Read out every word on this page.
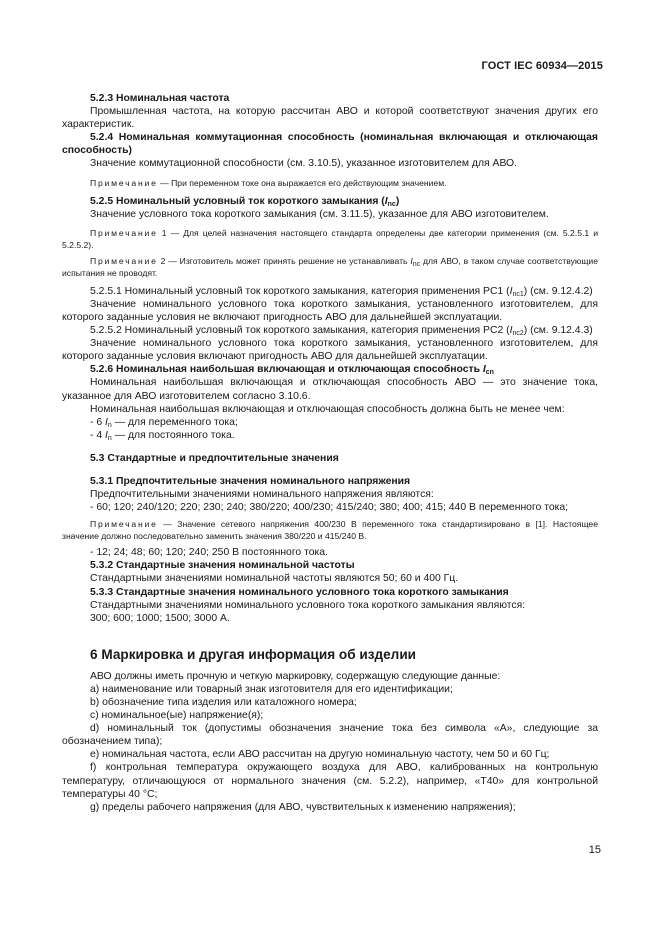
ГОСТ IEC 60934—2015

5.2.3 Номинальная частота

Промышленная частота, на которую рассчитан АВО и которой соответствуют значения других его характеристик.

5.2.4 Номинальная коммутационная способность (номинальная включающая и отключающая способность)

Значение коммутационной способности (см. 3.10.5), указанное изготовителем для АВО.

Примечание — При переменном токе она выражается его действующим значением.

5.2.5 Номинальный условный ток короткого замыкания $(I_{nc})$

Значение условного тока короткого замыкания (см. 3.11.5), указанное для АВО изготовителем.

Примечание 1 — Для целей назначения настоящего стандарта определены две категории применения (см. 5.2.5.1 и 5.2.5.2).

Примечание 2 — Изготовитель может принять решение не устанавливать $I_{nc}$ для АВО, в таком случае соответствующие испытания не проводят.

5.2.5.1 Номинальный условный ток короткого замыкания, категория применения PC1 $(I_{nc1})$ (см. 9.12.4.2)

Значение номинального условного тока короткого замыкания, установленного изготовителем, для которого заданные условия не включают пригодность АВО для дальнейшей эксплуатации.

5.2.5.2 Номинальный условный ток короткого замыкания, категория применения PC2 $(I_{nc2})$ (см. 9.12.4.3)

Значение номинального условного тока короткого замыкания, установленного изготовителем, для которого заданные условия включают пригодность АВО для дальнейшей эксплуатации.

5.2.6 Номинальная наибольшая включающая и отключающая способность $I_{cn}$

Номинальная наибольшая включающая и отключающая способность АВО — это значение тока, указанное для АВО изготовителем согласно 3.10.6.

Номинальная наибольшая включающая и отключающая способность должна быть не менее чем:

- 6 $I_n$ — для переменного тока;

- 4 $I_n$ — для постоянного тока.

5.3 Стандартные и предпочтительные значения

5.3.1 Предпочтительные значения номинального напряжения

Предпочтительными значениями номинального напряжения являются:

- 60; 120; 240/120; 220; 230; 240; 380/220; 400/230; 415/240; 380; 400; 415; 440 В переменного тока;

Примечание — Значение сетевого напряжения 400/230 В переменного тока стандартизировано в [1]. Настоящее значение должно последовательно заменить значения 380/220 и 415/240 В.

- 12; 24; 48; 60; 120; 240; 250 В постоянного тока.

5.3.2 Стандартные значения номинальной частоты

Стандартными значениями номинальной частоты являются 50; 60 и 400 Гц.

5.3.3 Стандартные значения номинального условного тока короткого замыкания

Стандартными значениями номинального условного тока короткого замыкания являются:

300; 600; 1000; 1500; 3000 А.

6 Маркировка и другая информация об изделии

АВО должны иметь прочную и четкую маркировку, содержащую следующие данные:

a) наименование или товарный знак изготовителя для его идентификации;

b) обозначение типа изделия или каталожного номера;

c) номинальное(ые) напряжение(я);

d) номинальный ток (допустимы обозначения значение тока без символа «А», следующие за обозначением типа);

e) номинальная частота, если АВО рассчитан на другую номинальную частоту, чем 50 и 60 Гц;

f) контрольная температура окружающего воздуха для АВО, калиброванных на контрольную температуру, отличающуюся от нормального значения (см. 5.2.2), например, «T40» для контрольной температуры 40 °C;

g) пределы рабочего напряжения (для АВО, чувствительных к изменению напряжения);

15
